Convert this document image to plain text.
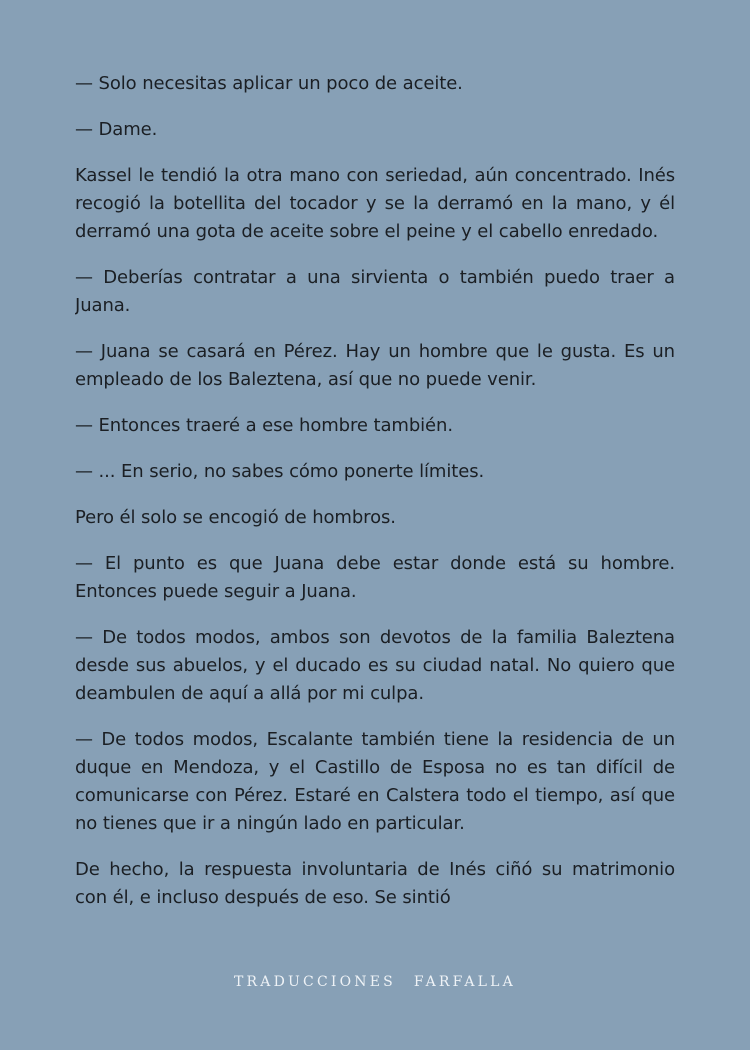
— Solo necesitas aplicar un poco de aceite.

— Dame.

Kassel le tendió la otra mano con seriedad, aún concentrado. Inés recogió la botellita del tocador y se la derramó en la mano, y él derramó una gota de aceite sobre el peine y el cabello enredado.

— Deberías contratar a una sirvienta o también puedo traer a Juana.

— Juana se casará en Pérez. Hay un hombre que le gusta. Es un empleado de los Baleztena, así que no puede venir.

— Entonces traeré a ese hombre también.

— ... En serio, no sabes cómo ponerte límites.

Pero él solo se encogió de hombros.

— El punto es que Juana debe estar donde está su hombre. Entonces puede seguir a Juana.

— De todos modos, ambos son devotos de la familia Baleztena desde sus abuelos, y el ducado es su ciudad natal. No quiero que deambulen de aquí a allá por mi culpa.

— De todos modos, Escalante también tiene la residencia de un duque en Mendoza, y el Castillo de Esposa no es tan difícil de comunicarse con Pérez. Estaré en Calstera todo el tiempo, así que no tienes que ir a ningún lado en particular.

De hecho, la respuesta involuntaria de Inés ciñó su matrimonio con él, e incluso después de eso. Se sintió

TRADUCCIONES FARFALLA
